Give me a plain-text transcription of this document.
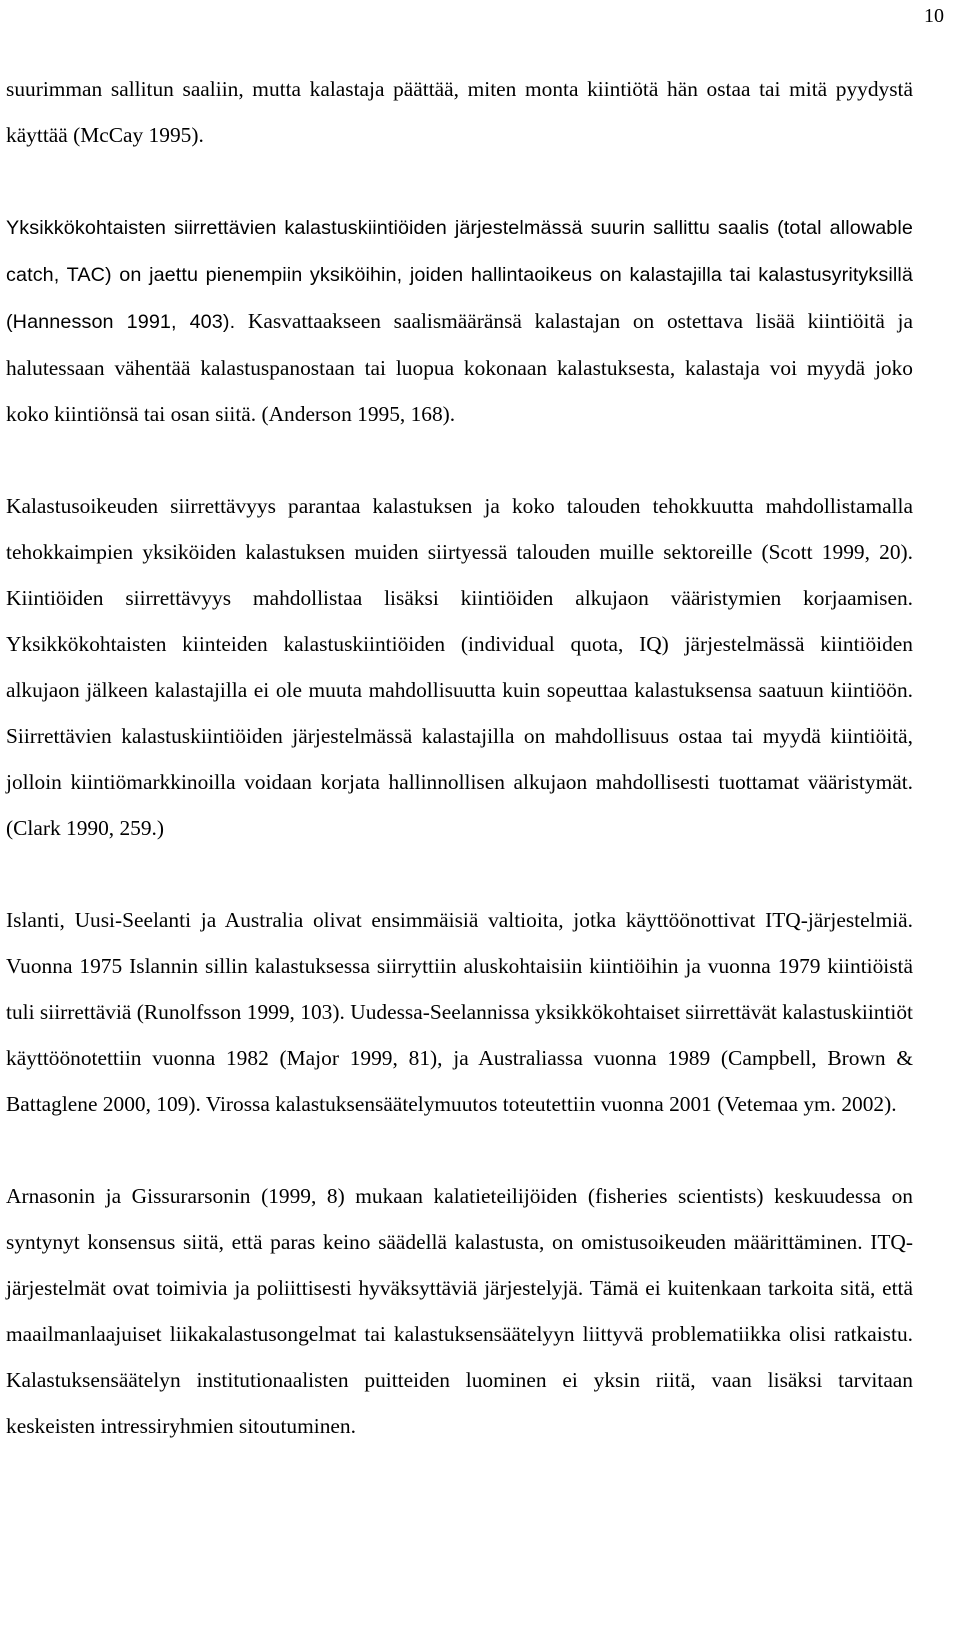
10

suurimman sallitun saaliin, mutta kalastaja päättää, miten monta kiintiötä hän ostaa tai mitä pyydystä käyttää (McCay 1995).

Yksikkökohtaisten siirrettävien kalastuskiintiöiden järjestelmässä suurin sallittu saalis (total allowable catch, TAC) on jaettu pienempiin yksiköihin, joiden hallintaoikeus on kalastajilla tai kalastusyrityksillä (Hannesson 1991, 403). Kasvattaakseen saalismääränsä kalastajan on ostettava lisää kiintiöitä ja halutessaan vähentää kalastuspanostaan tai luopua kokonaan kalastuksesta, kalastaja voi myydä joko koko kiintiönsä tai osan siitä. (Anderson 1995, 168).

Kalastusoikeuden siirrettävyys parantaa kalastuksen ja koko talouden tehokkuutta mahdollistamalla tehokkaimpien yksiköiden kalastuksen muiden siirtyessä talouden muille sektoreille (Scott 1999, 20). Kiintiöiden siirrettävyys mahdollistaa lisäksi kiintiöiden alkujaon vääristymien korjaamisen. Yksikkökohtaisten kiinteiden kalastuskiintiöiden (individual quota, IQ) järjestelmässä kiintiöiden alkujaon jälkeen kalastajilla ei ole muuta mahdollisuutta kuin sopeuttaa kalastuksensa saatuun kiintiöön. Siirrettävien kalastuskiintiöiden järjestelmässä kalastajilla on mahdollisuus ostaa tai myydä kiintiöitä, jolloin kiintiömarkkinoilla voidaan korjata hallinnollisen alkujaon mahdollisesti tuottamat vääristymät. (Clark 1990, 259.)

Islanti, Uusi-Seelanti ja Australia olivat ensimmäisiä valtioita, jotka käyttöönottivat ITQ-järjestelmiä. Vuonna 1975 Islannin sillin kalastuksessa siirryttiin aluskohtaisiin kiintiöihin ja vuonna 1979 kiintiöistä tuli siirrettäviä (Runolfsson 1999, 103). Uudessa-Seelannissa yksikkökohtaiset siirrettävät kalastuskiintiöt käyttöönotettiin vuonna 1982 (Major 1999, 81), ja Australiassa vuonna 1989 (Campbell, Brown & Battaglene 2000, 109). Virossa kalastuksensäätelymuutos toteutettiin vuonna 2001 (Vetemaa ym. 2002).

Arnasonin ja Gissurarsonin (1999, 8) mukaan kalatieteilijöiden (fisheries scientists) keskuudessa on syntynyt konsensus siitä, että paras keino säädellä kalastusta, on omistusoikeuden määrittäminen. ITQ-järjestelmät ovat toimivia ja poliittisesti hyväksyttäviä järjestelyjä. Tämä ei kuitenkaan tarkoita sitä, että maailmanlaajuiset liikakalastusongelmat tai kalastuksensäätelyyn liittyvä problematiikka olisi ratkaistu. Kalastuksensäätelyn institutionaalisten puitteiden luominen ei yksin riitä, vaan lisäksi tarvitaan keskeisten intressiryhmien sitoutuminen.
